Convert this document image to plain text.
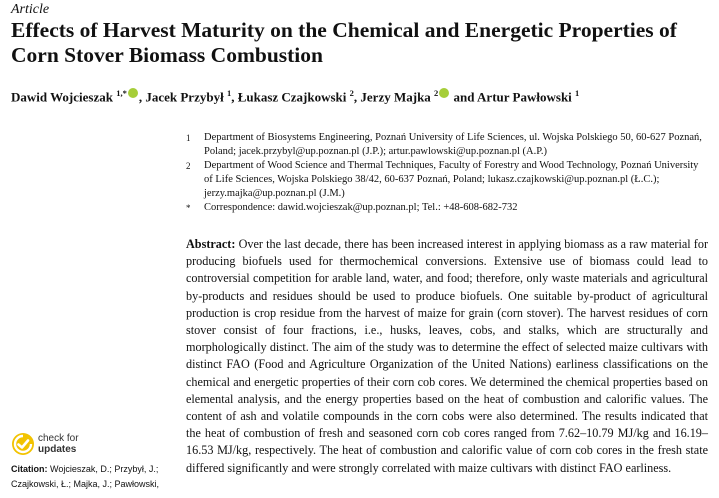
Article
Effects of Harvest Maturity on the Chemical and Energetic Properties of Corn Stover Biomass Combustion
Dawid Wojcieszak $^{1,*}$ , Jacek Przybył $^1$, Łukasz Czajkowski $^2$, Jerzy Majka $^2$ and Artur Pawłowski $^1$
1 Department of Biosystems Engineering, Poznań University of Life Sciences, ul. Wojska Polskiego 50, 60-627 Poznań, Poland; jacek.przybyl@up.poznan.pl (J.P.); artur.pawlowski@up.poznan.pl (A.P.)
2 Department of Wood Science and Thermal Techniques, Faculty of Forestry and Wood Technology, Poznań University of Life Sciences, Wojska Polskiego 38/42, 60-637 Poznań, Poland; lukasz.czajkowski@up.poznan.pl (Ł.C.); jerzy.majka@up.poznan.pl (J.M.)
* Correspondence: dawid.wojcieszak@up.poznan.pl; Tel.: +48-608-682-732
Abstract: Over the last decade, there has been increased interest in applying biomass as a raw material for producing biofuels used for thermochemical conversions. Extensive use of biomass could lead to controversial competition for arable land, water, and food; therefore, only waste materials and agricultural by-products and residues should be used to produce biofuels. One suitable by-product of agricultural production is crop residue from the harvest of maize for grain (corn stover). The harvest residues of corn stover consist of four fractions, i.e., husks, leaves, cobs, and stalks, which are structurally and morphologically distinct. The aim of the study was to determine the effect of selected maize cultivars with distinct FAO (Food and Agriculture Organization of the United Nations) earliness classifications on the chemical and energetic properties of their corn cob cores. We determined the chemical properties based on elemental analysis, and the energy properties based on the heat of combustion and calorific values. The content of ash and volatile compounds in the corn cobs were also determined. The results indicated that the heat of combustion of fresh and seasoned corn cob cores ranged from 7.62–10.79 MJ/kg and 16.19–16.53 MJ/kg, respectively. The heat of combustion and calorific value of corn cob cores in the fresh state differed significantly and were strongly correlated with maize cultivars with distinct FAO earliness.
check for
updates
Citation: Wojcieszak, D.; Przybył, J.; Czajkowski, Ł.; Majka, J.; Pawłowski,
